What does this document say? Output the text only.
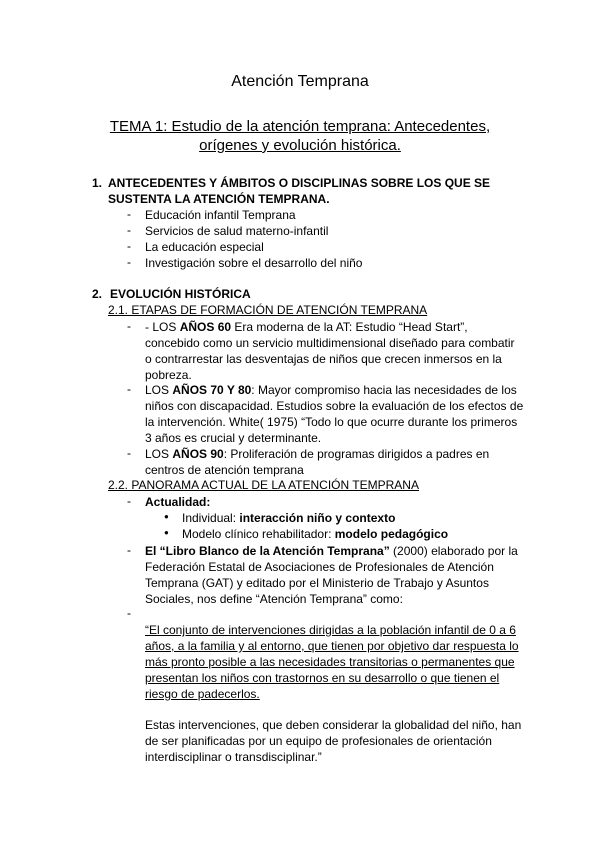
Atención Temprana
TEMA 1: Estudio de la atención temprana: Antecedentes,
orígenes y evolución histórica.
1. ANTECEDENTES Y ÁMBITOS O DISCIPLINAS SOBRE LOS QUE SE
SUSTENTA LA ATENCIÓN TEMPRANA.
- Educación infantil Temprana
- Servicios de salud materno-infantil
- La educación especial
- Investigación sobre el desarrollo del niño
2. EVOLUCIÓN HISTÓRICA
2.1. ETAPAS DE FORMACIÓN DE ATENCIÓN TEMPRANA
- - LOS AÑOS 60 Era moderna de la AT: Estudio “Head Start”,
concebido como un servicio multidimensional diseñado para combatir
o contrarrestar las desventajas de niños que crecen inmersos en la
pobreza.
- LOS AÑOS 70 Y 80: Mayor compromiso hacia las necesidades de los
niños con discapacidad. Estudios sobre la evaluación de los efectos de
la intervención. White( 1975) “Todo lo que ocurre durante los primeros
3 años es crucial y determinante.
- LOS AÑOS 90: Proliferación de programas dirigidos a padres en
centros de atención temprana
2.2. PANORAMA ACTUAL DE LA ATENCIÓN TEMPRANA
- Actualidad:
● Individual: interacción niño y contexto
● Modelo clínico rehabilitador: modelo pedagógico
- El “Libro Blanco de la Atención Temprana” (2000) elaborado por la
Federación Estatal de Asociaciones de Profesionales de Atención
Temprana (GAT) y editado por el Ministerio de Trabajo y Asuntos
Sociales, nos define “Atención Temprana” como:
-
“El conjunto de intervenciones dirigidas a la población infantil de 0 a 6
años, a la familia y al entorno, que tienen por objetivo dar respuesta lo
más pronto posible a las necesidades transitorias o permanentes que
presentan los niños con trastornos en su desarrollo o que tienen el
riesgo de padecerlos.
Estas intervenciones, que deben considerar la globalidad del niño, han
de ser planificadas por un equipo de profesionales de orientación
interdisciplinar o transdisciplinar.”
